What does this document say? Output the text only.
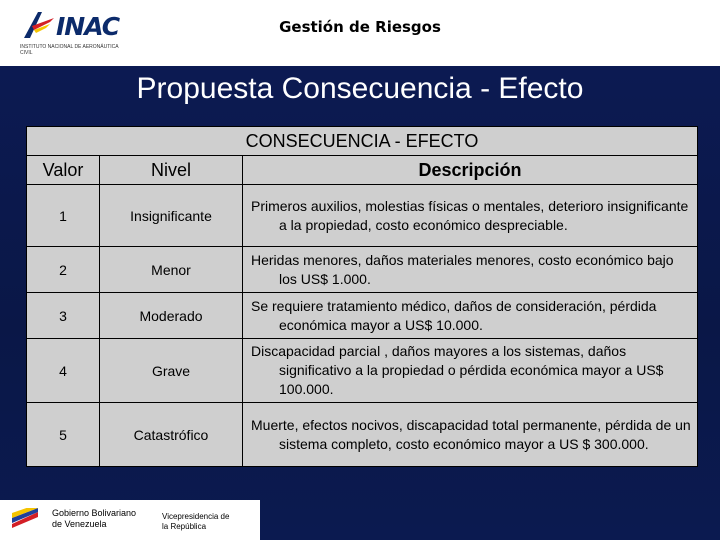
INAC
INSTITUTO NACIONAL DE AERONÁUTICA CIVIL
Gestión de Riesgos
Propuesta Consecuencia - Efecto
CONSECUENCIA - EFECTO		
Valor	Nivel	Descripción
1	Insignificante	Primeros auxilios, molestias físicas o mentales, deterioro insignificante a la propiedad, costo económico despreciable.

2	Menor	Heridas menores, daños materiales menores, costo económico bajo los US$ 1.000.

3	Moderado	Se requiere tratamiento médico, daños de consideración, pérdida económica mayor a US$ 10.000.

4	Grave	Discapacidad parcial , daños mayores a los sistemas, daños significativo a la propiedad o pérdida económica mayor a US$ 100.000.

5	Catastrófico	Muerte, efectos nocivos, discapacidad total permanente, pérdida de un sistema completo, costo económico mayor a US $ 300.000.
Gobierno Bolivariano
de Venezuela
Vicepresidencia de
la República
